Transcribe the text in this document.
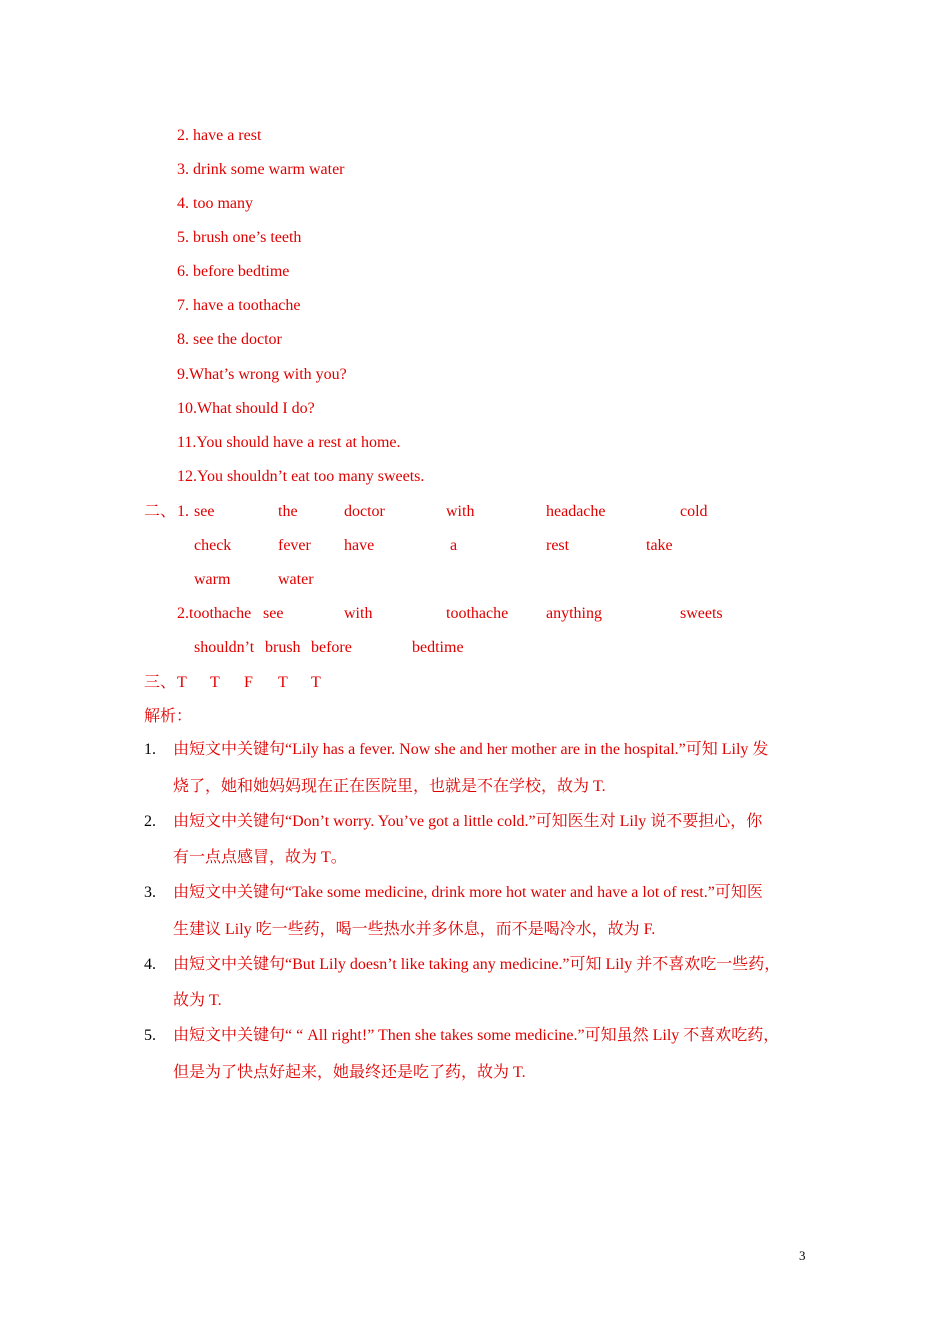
2. have a rest
3. drink some warm water
4. too many
5. brush one’s teeth
6. before bedtime
7. have a toothache
8. see the doctor
9.What’s wrong with you?
10.What should I do?
11.You should have a rest at home.
12.You shouldn’t eat too many sweets.
二、 1. see	the	doctor	with	headache	cold
check	fever have	a	rest	take
warm	water
2.toothache see	with	toothache anything	sweets
shouldn’t brush before	bedtime
三、 T T F T T
解析：
1. 由短文中关键句“Lily has a fever. Now she and her mother are in the hospital.”可知 Lily 发
烧了，她和她妈妈现在正在医院里，也就是不在学校，故为 T.
2. 由短文中关键句“Don’t worry. You’ve got a little cold.”可知医生对 Lily 说不要担心，你
有一点点感冒，故为 T。
3. 由短文中关键句“Take some medicine, drink more hot water and have a lot of rest.”可知医
生建议 Lily 吃一些药，喝一些热水并多休息，而不是喝冷水，故为 F.
4. 由短文中关键句“But Lily doesn’t like taking any medicine.”可知 Lily 并不喜欢吃一些药，
故为 T.
5. 由短文中关键句“ “ All right!” Then she takes some medicine.”可知虽然 Lily 不喜欢吃药，
但是为了快点好起来，她最终还是吃了药，故为 T.
3
